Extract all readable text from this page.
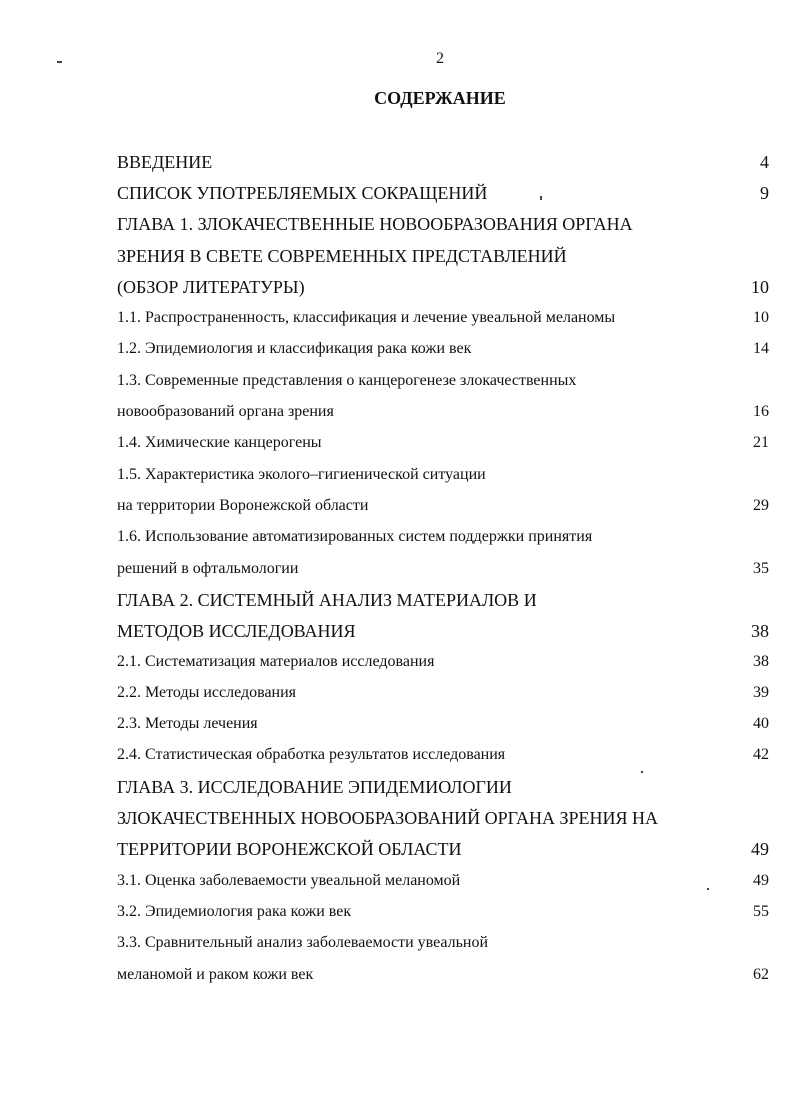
2
СОДЕРЖАНИЕ
ВВЕДЕНИЕ	4
СПИСОК УПОТРЕБЛЯЕМЫХ СОКРАЩЕНИЙ	9
ГЛАВА 1. ЗЛОКАЧЕСТВЕННЫЕ НОВООБРАЗОВАНИЯ ОРГАНА
ЗРЕНИЯ В СВЕТЕ СОВРЕМЕННЫХ ПРЕДСТАВЛЕНИЙ
(ОБЗОР ЛИТЕРАТУРЫ)	10
1.1. Распространенность, классификация и лечение увеальной меланомы	10
1.2. Эпидемиология и классификация рака кожи век	14
1.3. Современные представления о канцерогенезе злокачественных
новообразований органа зрения	16
1.4. Химические канцерогены	21
1.5. Характеристика эколого–гигиенической ситуации
на территории Воронежской области	29
1.6. Использование автоматизированных систем поддержки принятия
решений в офтальмологии	35
ГЛАВА 2. СИСТЕМНЫЙ АНАЛИЗ МАТЕРИАЛОВ И
МЕТОДОВ ИССЛЕДОВАНИЯ	38
2.1. Систематизация материалов исследования	38
2.2. Методы исследования	39
2.3. Методы лечения	40
2.4. Статистическая обработка результатов исследования	42
ГЛАВА 3. ИССЛЕДОВАНИЕ ЭПИДЕМИОЛОГИИ
ЗЛОКАЧЕСТВЕННЫХ НОВООБРАЗОВАНИЙ ОРГАНА ЗРЕНИЯ НА
ТЕРРИТОРИИ ВОРОНЕЖСКОЙ ОБЛАСТИ	49
3.1. Оценка заболеваемости увеальной меланомой	49
3.2. Эпидемиология рака кожи век	55
3.3. Сравнительный анализ заболеваемости увеальной
меланомой и раком кожи век	62
